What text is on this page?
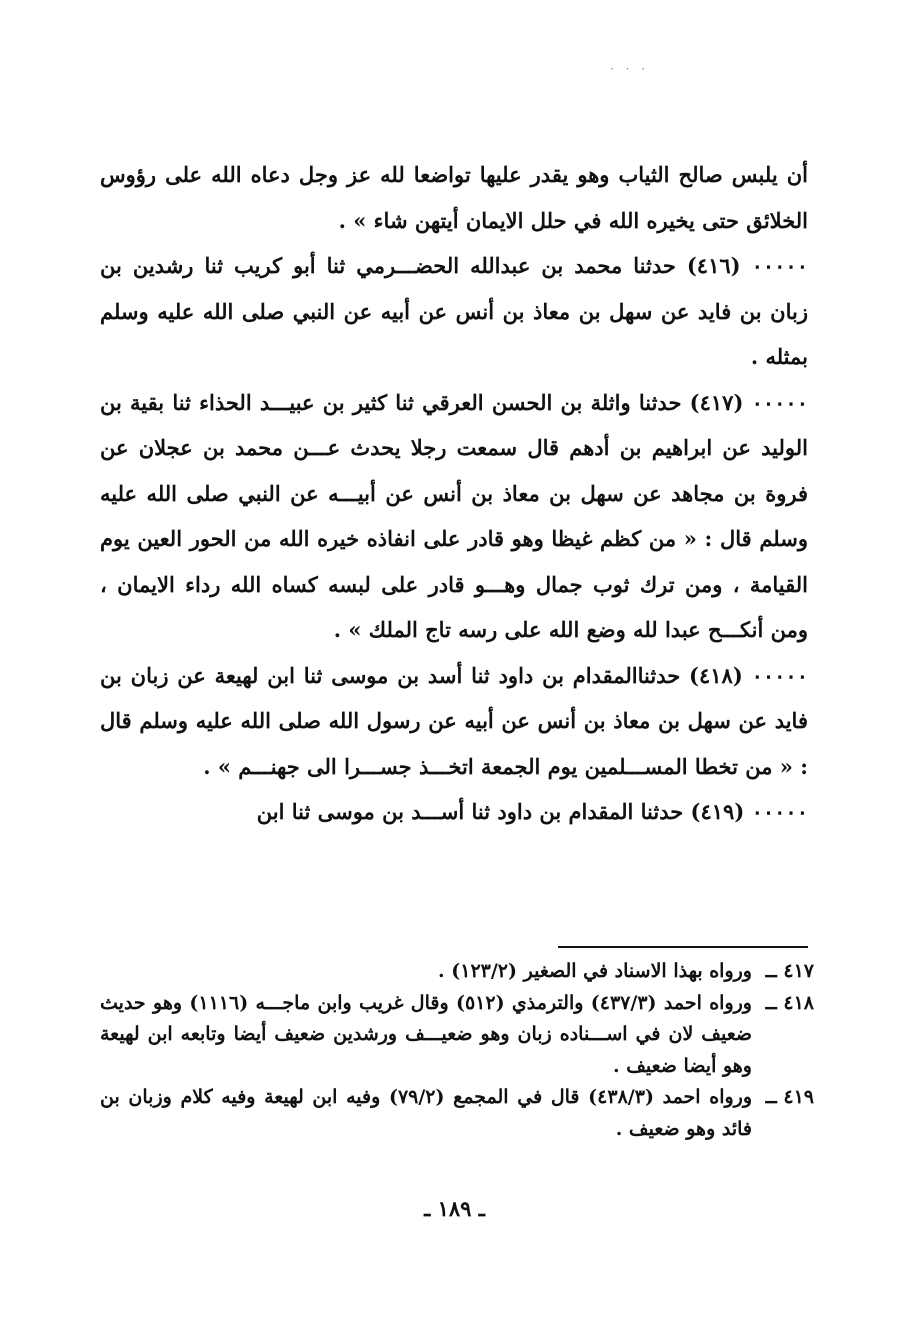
· · ·

أن يلبس صالح الثياب وهو يقدر عليها تواضعا لله عز وجل دعاه الله على رؤوس الخلائق حتى يخيره الله في حلل الايمان أيتهن شاء » .

٠٠٠٠٠ (٤١٦) حدثنا محمد بن عبدالله الحضـــرمي ثنا أبو كريب ثنا رشدين بن زبان بن فايد عن سهل بن معاذ بن أنس عن أبيه عن النبي صلى الله عليه وسلم بمثله .

٠٠٠٠٠ (٤١٧) حدثنا واثلة بن الحسن العرقي ثنا كثير بن عبيـــد الحذاء ثنا بقية بن الوليد عن ابراهيم بن أدهم قال سمعت رجلا يحدث عـــن محمد بن عجلان عن فروة بن مجاهد عن سهل بن معاذ بن أنس عن أبيـــه عن النبي صلى الله عليه وسلم قال : « من كظم غيظا وهو قادر على انفاذه خيره الله من الحور العين يوم القيامة ، ومن ترك ثوب جمال وهـــو قادر على لبسه كساه الله رداء الايمان ، ومن أنكـــح عبدا لله وضع الله على رسه تاج الملك » .

٠٠٠٠٠ (٤١٨) حدثناالمقدام بن داود ثنا أسد بن موسى ثنا ابن لهيعة عن زبان بن فايد عن سهل بن معاذ بن أنس عن أبيه عن رسول الله صلى الله عليه وسلم قال : « من تخطا المســـلمين يوم الجمعة اتخـــذ جســـرا الى جهنـــم » .

٠٠٠٠٠ (٤١٩) حدثنا المقدام بن داود ثنا أســـد بن موسى ثنا ابن

٤١٧ ــ
ورواه بهذا الاسناد في الصغير (١٢٣/٢) .
٤١٨ ــ
ورواه احمد (٤٣٧/٣) والترمذي (٥١٢) وقال غريب وابن ماجـــه (١١١٦) وهو حديث ضعيف لان في اســـناده زبان وهو ضعيـــف ورشدين ضعيف أيضا وتابعه ابن لهيعة وهو أيضا ضعيف .
٤١٩ ــ
ورواه احمد (٤٣٨/٣) قال في المجمع (٧٩/٢) وفيه ابن لهيعة وفيه كلام وزبان بن فائد وهو ضعيف .
ـ ١٨٩ ـ
